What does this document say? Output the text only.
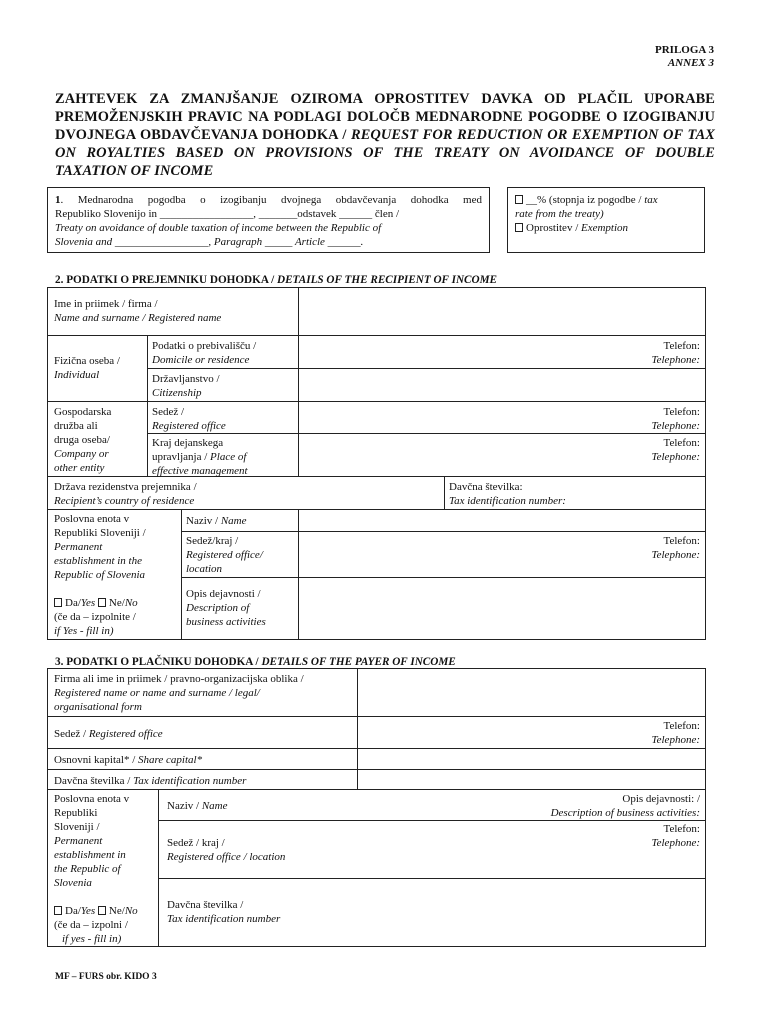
PRILOGA 3
ANNEX 3
ZAHTEVEK ZA ZMANJŠANJE OZIROMA OPROSTITEV DAVKA OD PLAČIL UPORABE PREMOŽENJSKIH PRAVIC NA PODLAGI DOLOČB MEDNARODNE POGODBE O IZOGIBANJU DVOJNEGA OBDAVČEVANJA DOHODKA / REQUEST FOR REDUCTION OR EXEMPTION OF TAX ON ROYALTIES BASED ON PROVISIONS OF THE TREATY ON AVOIDANCE OF DOUBLE TAXATION OF INCOME
1. Mednarodna pogodba o izogibanju dvojnega obdavčevanja dohodka med
Republiko Slovenijo in _________________, _______odstavek ______ člen /
Treaty on avoidance of double taxation of income between the Republic of
Slovenia and _________________, Paragraph _____ Article ______.
__% (stopnja iz pogodbe / tax
rate from the treaty)
Oprostitev / Exemption
2. PODATKI O PREJEMNIKU DOHODKA / DETAILS OF THE RECIPIENT OF INCOME
Ime in priimek / firma /
Name and surname / Registered name
Fizična oseba /
Individual
Podatki o prebivališču /
Domicile or residence
Telefon:
Telephone:
Državljanstvo /
Citizenship
Gospodarska
družba ali
druga oseba/
Company or
other entity
Sedež /
Registered office
Telefon:
Telephone:
Kraj dejanskega
upravljanja / Place of
effective management
Telefon:
Telephone:
Država rezidenstva prejemnika /
Recipient’s country of residence
Davčna številka:
Tax identification number:
Poslovna enota v
Republiki Sloveniji /
Permanent
establishment in the
Republic of Slovenia
Da/Yes Ne/No
(če da – izpolnite /
if Yes - fill in)
Naziv / Name
Sedež/kraj /
Registered office/
location
Telefon:
Telephone:
Opis dejavnosti /
Description of
business activities
3. PODATKI O PLAČNIKU DOHODKA / DETAILS OF THE PAYER OF INCOME
Firma ali ime in priimek / pravno-organizacijska oblika /
Registered name or name and surname / legal/
organisational form
Sedež / Registered office
Telefon:
Telephone:
Osnovni kapital* / Share capital*
Davčna številka / Tax identification number
Poslovna enota v
Republiki
Sloveniji /
Permanent
establishment in
the Republic of
Slovenia
Da/Yes Ne/No
(če da – izpolni /
if yes - fill in)
Naziv / Name
Opis dejavnosti: /
Description of business activities:
Telefon:
Telephone:
Sedež / kraj /
Registered office / location
Davčna številka /
Tax identification number
MF – FURS obr. KIDO 3
